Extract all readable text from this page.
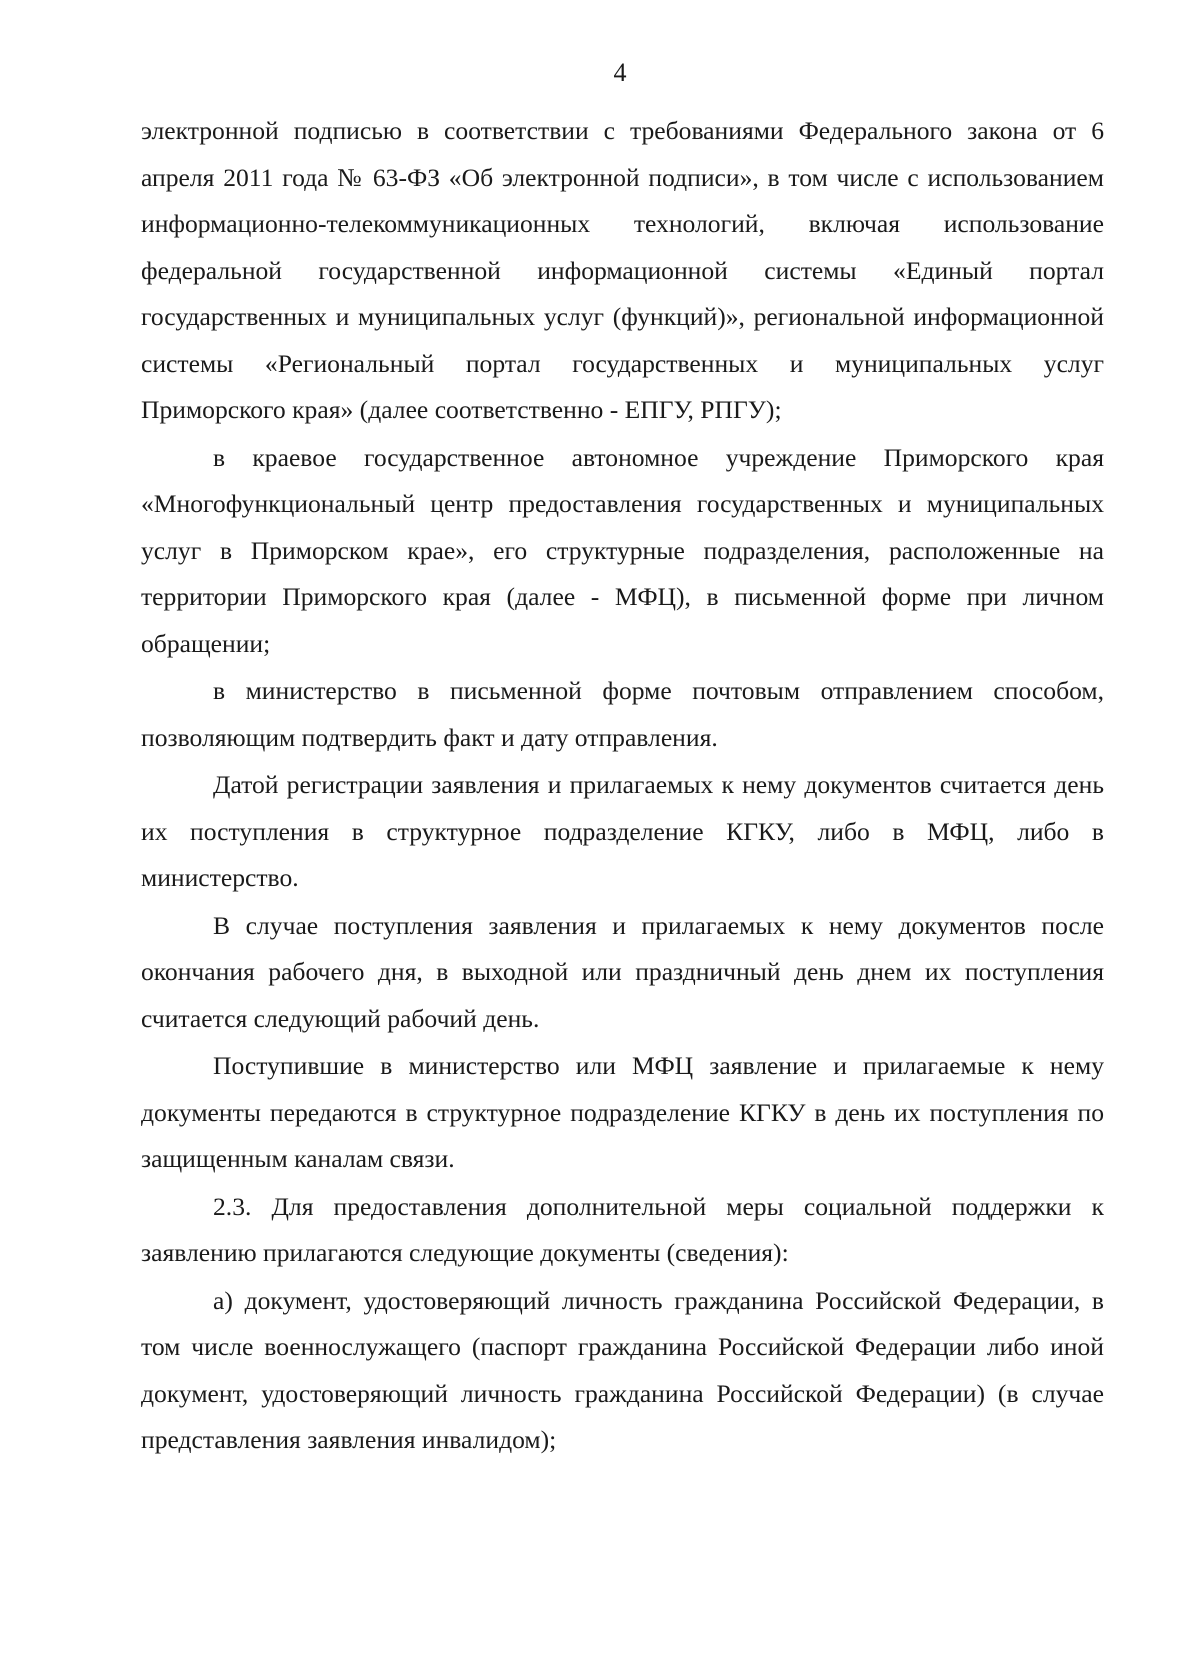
4

электронной подписью в соответствии с требованиями Федерального закона от 6 апреля 2011 года № 63-ФЗ «Об электронной подписи», в том числе с использованием информационно-телекоммуникационных технологий, включая использование федеральной государственной информационной системы «Единый портал государственных и муниципальных услуг (функций)», региональной информационной системы «Региональный портал государственных и муниципальных услуг Приморского края» (далее соответственно - ЕПГУ, РПГУ);

в краевое государственное автономное учреждение Приморского края «Многофункциональный центр предоставления государственных и муниципальных услуг в Приморском крае», его структурные подразделения, расположенные на территории Приморского края (далее - МФЦ), в письменной форме при личном обращении;

в министерство в письменной форме почтовым отправлением способом, позволяющим подтвердить факт и дату отправления.

Датой регистрации заявления и прилагаемых к нему документов считается день их поступления в структурное подразделение КГКУ, либо в МФЦ, либо в министерство.

В случае поступления заявления и прилагаемых к нему документов после окончания рабочего дня, в выходной или праздничный день днем их поступления считается следующий рабочий день.

Поступившие в министерство или МФЦ заявление и прилагаемые к нему документы передаются в структурное подразделение КГКУ в день их поступления по защищенным каналам связи.

2.3. Для предоставления дополнительной меры социальной поддержки к заявлению прилагаются следующие документы (сведения):

а) документ, удостоверяющий личность гражданина Российской Федерации, в том числе военнослужащего (паспорт гражданина Российской Федерации либо иной документ, удостоверяющий личность гражданина Российской Федерации) (в случае представления заявления инвалидом);
